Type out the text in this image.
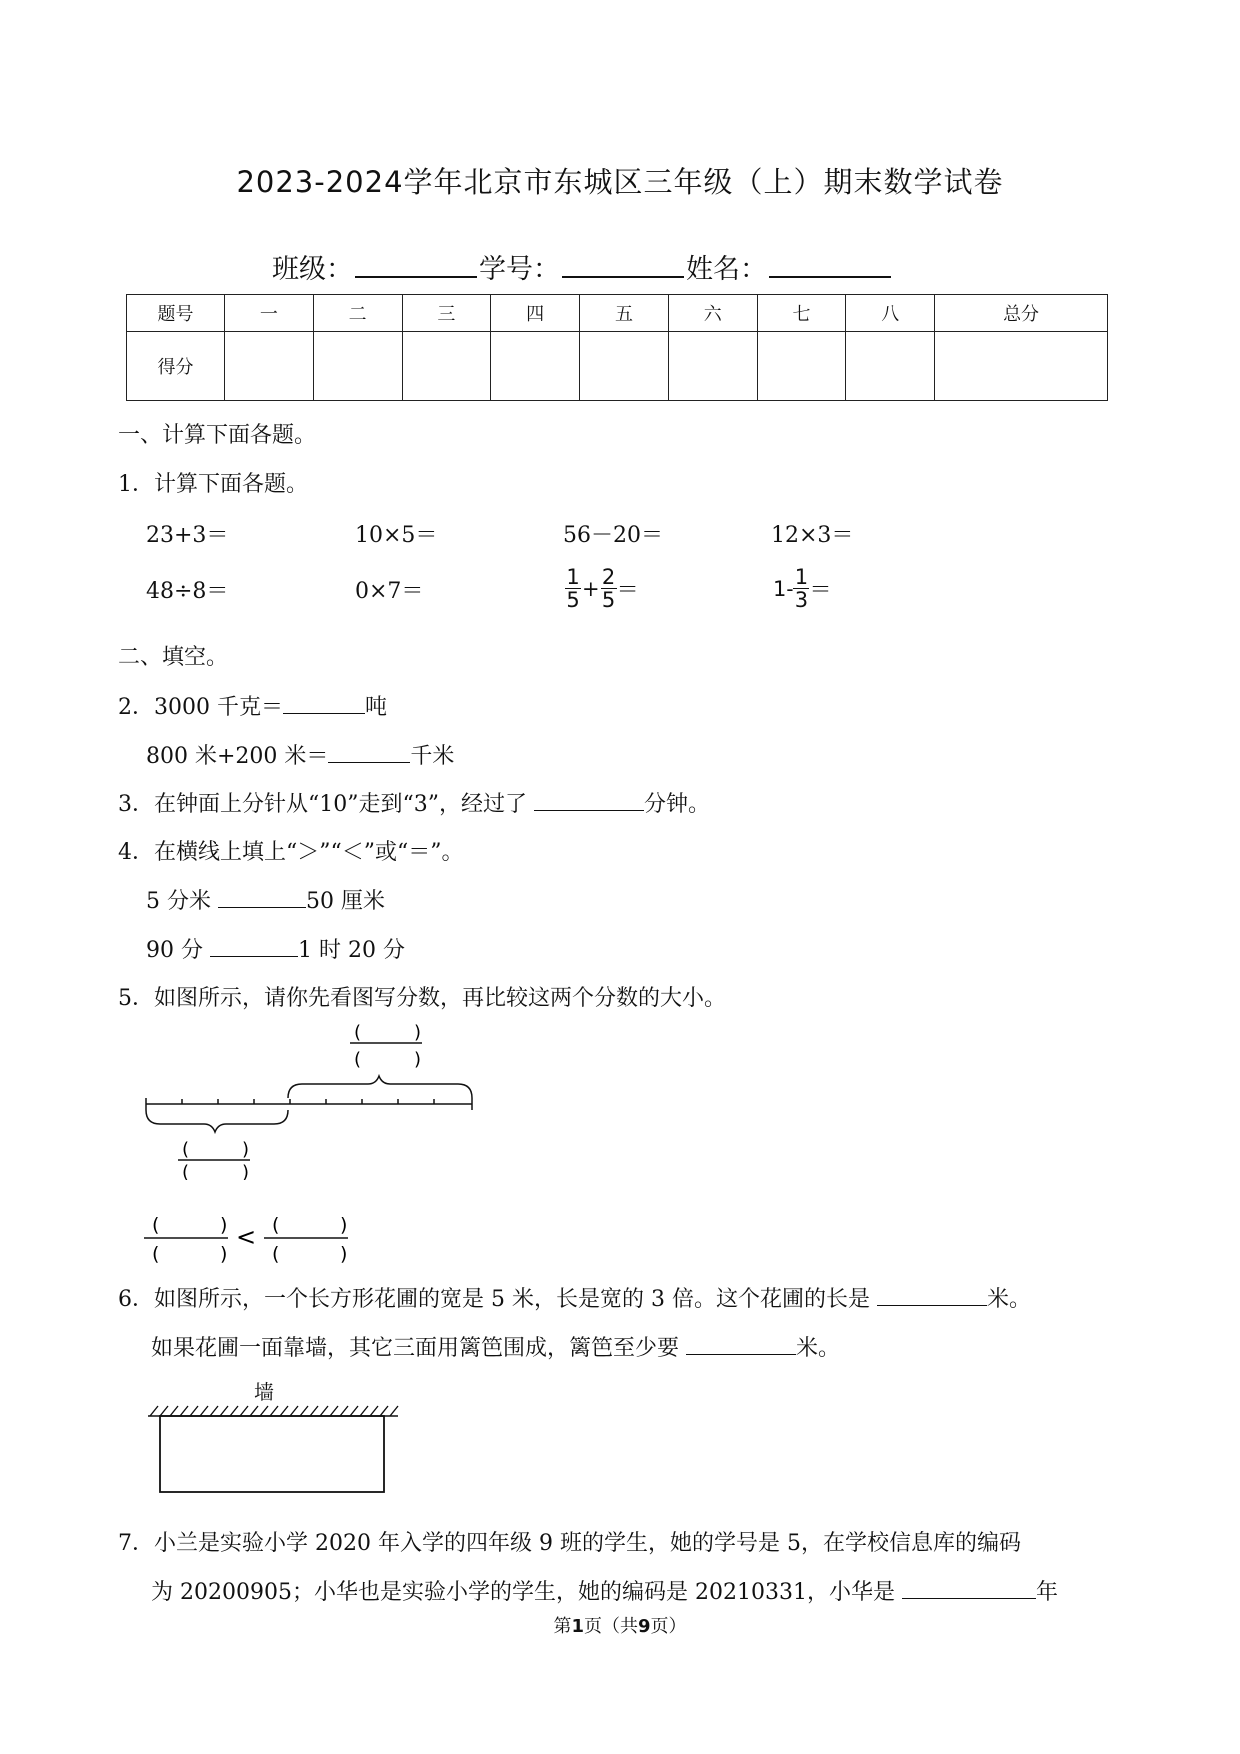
2023-2024学年北京市东城区三年级（上）期末数学试卷
班级：	学号：	姓名：
题号	一	二	三	四	五	六	七	八	总分
得分									
一、计算下面各题。
1．计算下面各题。
23+3＝	10×5＝	56－20＝	12×3＝
48÷8＝	0×7＝	$\frac{1}{5} + \frac{2}{5}$ ＝	$1 - \frac{1}{3}$ ＝
二、填空。
2．3000 千克＝	吨
800 米+200 米＝	千米
3．在钟面上分针从“10”走到“3”，经过了	分钟。
4．在横线上填上“＞”“＜”或“＝”。
5 分米	50 厘米
90 分	1 时 20 分
5．如图所示，请你先看图写分数，再比较这两个分数的大小。
(	)
(	)
(	)
(	)
(	)
(	)
(	)
(	)
<
6．如图所示，一个长方形花圃的宽是 5 米，长是宽的 3 倍。这个花圃的长是	米。
如果花圃一面靠墙，其它三面用篱笆围成，篱笆至少要	米。
墙
7．小兰是实验小学 2020 年入学的四年级 9 班的学生，她的学号是 5，在学校信息库的编码
为 20200905；小华也是实验小学的学生，她的编码是 20210331，小华是	年
第1页（共9页）
